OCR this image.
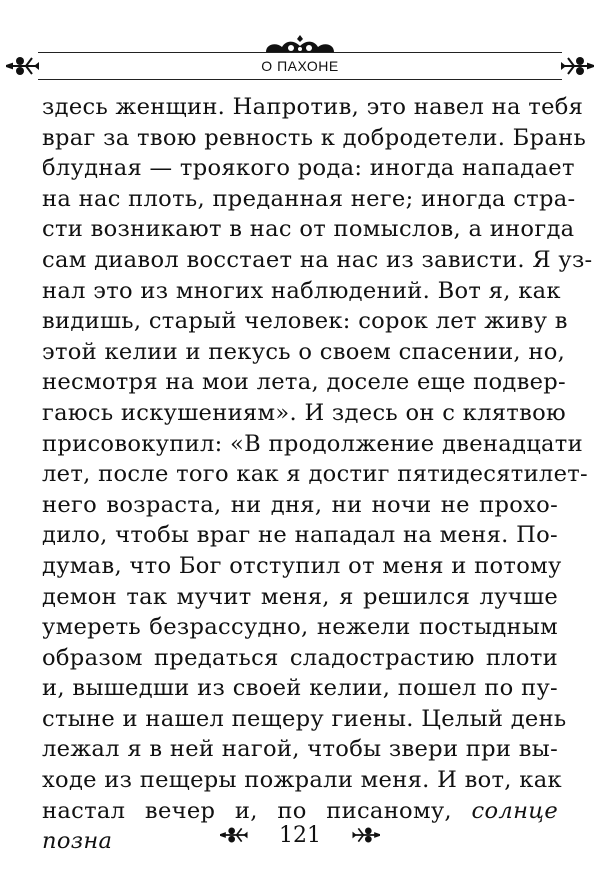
О ПАХОНЕ
здесь женщин. Напротив, это навел на тебя
враг за твою ревность к добродетели. Брань
блудная — троякого рода: иногда нападает
на нас плоть, преданная неге; иногда стра-
сти возникают в нас от помыслов, а иногда
сам диавол восстает на нас из зависти. Я уз-
нал это из многих наблюдений. Вот я, как
видишь, старый человек: сорок лет живу в
этой келии и пекусь о своем спасении, но,
несмотря на мои лета, доселе еще подвер-
гаюсь искушениям». И здесь он с клятвою
присовокупил: «В продолжение двенадцати
лет, после того как я достиг пятидесятилет-
него возраста, ни дня, ни ночи не прохо-
дило, чтобы враг не нападал на меня. По-
думав, что Бог отступил от меня и потому
демон так мучит меня, я решился лучше
умереть безрассудно, нежели постыдным
образом предаться сладострастию плоти
и, вышедши из своей келии, пошел по пу-
стыне и нашел пещеру гиены. Целый день
лежал я в ней нагой, чтобы звери при вы-
ходе из пещеры пожрали меня. И вот, как
настал вечер и, по писаному, солнце позна	121
